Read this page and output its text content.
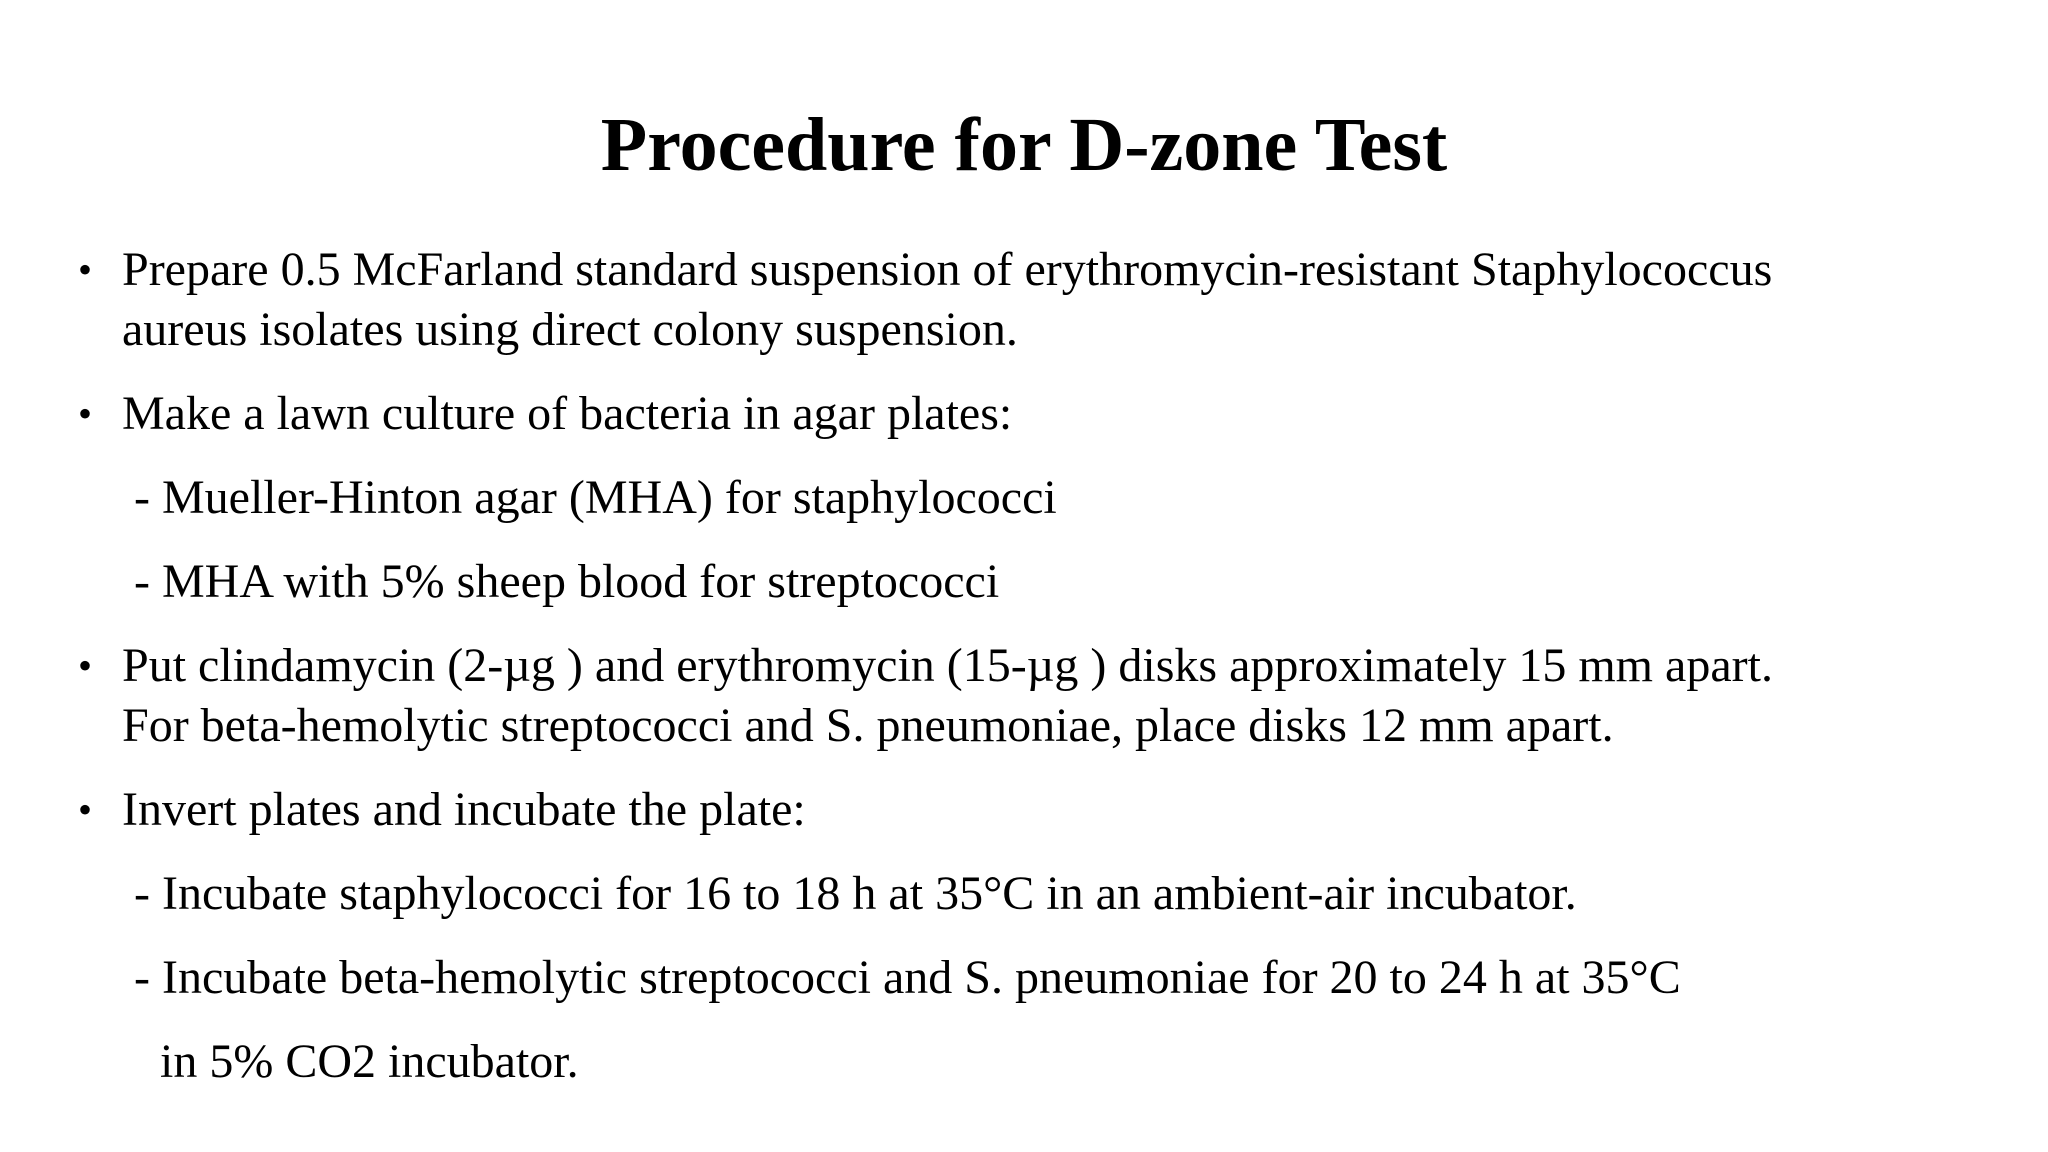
Procedure for D-zone Test
• Prepare 0.5 McFarland standard suspension of erythromycin-resistant Staphylococcus
aureus isolates using direct colony suspension.
• Make a lawn culture of bacteria in agar plates:
- Mueller-Hinton agar (MHA) for staphylococci
- MHA with 5% sheep blood for streptococci
• Put clindamycin (2-µg ) and erythromycin (15-µg ) disks approximately 15 mm apart.
For beta-hemolytic streptococci and S. pneumoniae, place disks 12 mm apart.
• Invert plates and incubate the plate:
- Incubate staphylococci for 16 to 18 h at 35°C in an ambient-air incubator.
- Incubate beta-hemolytic streptococci and S. pneumoniae for 20 to 24 h at 35°C
in 5% CO2 incubator.
